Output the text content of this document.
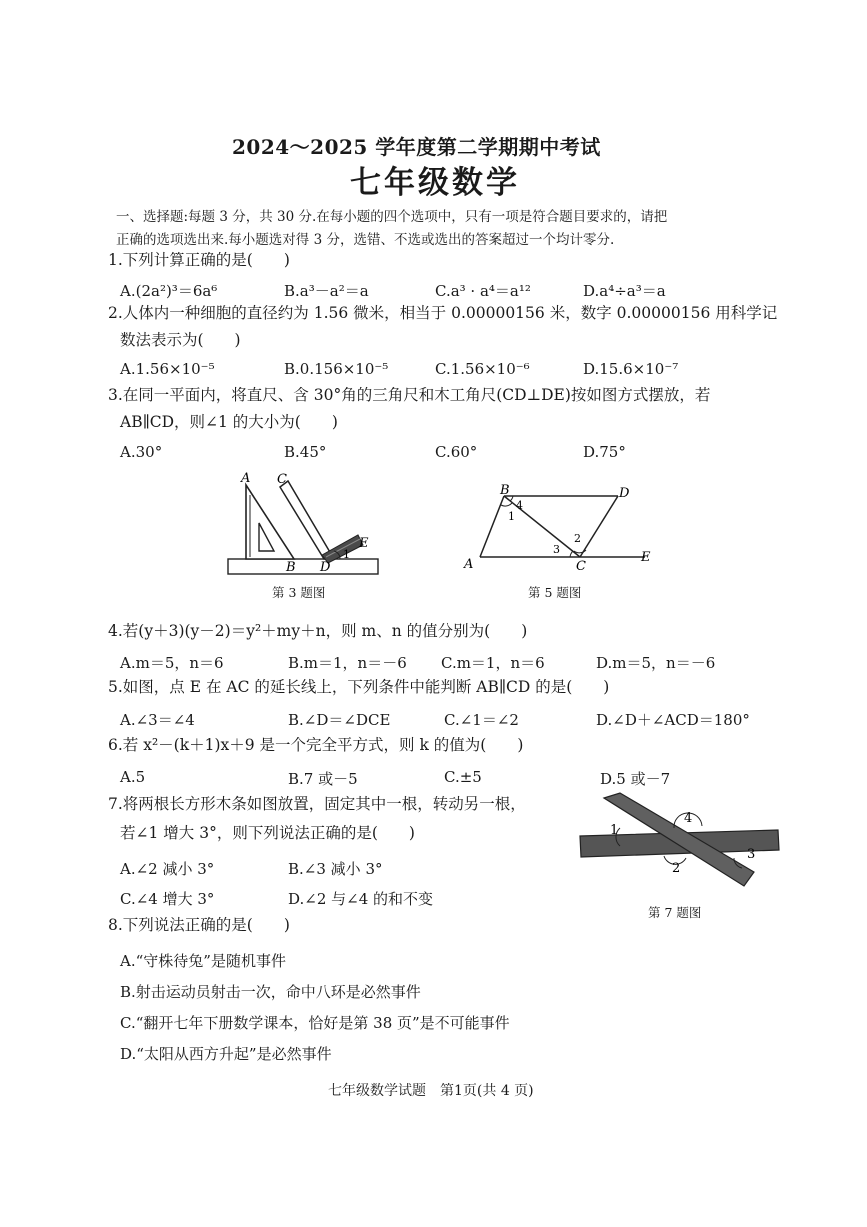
2024～2025 学年度第二学期期中考试
七年级数学
一、选择题:每题 3 分，共 30 分.在每小题的四个选项中，只有一项是符合题目要求的，请把
正确的选项选出来.每小题选对得 3 分，选错、不选或选出的答案超过一个均计零分.
1.下列计算正确的是(　　)
A.(2a²)³＝6a⁶	B.a³－a²＝a	C.a³ · a⁴＝a¹²	D.a⁴÷a³＝a
2.人体内一种细胞的直径约为 1.56 微米，相当于 0.00000156 米，数字 0.00000156 用科学记
数法表示为(　　)
A.1.56×10⁻⁵	B.0.156×10⁻⁵	C.1.56×10⁻⁶	D.15.6×10⁻⁷
3.在同一平面内，将直尺、含 30°角的三角尺和木工角尺(CD⊥DE)按如图方式摆放，若
AB∥CD，则∠1 的大小为(　　)
A.30°	B.45°	C.60°	D.75°
A C
E
B D
1
第 3 题图
B	D
A	C
E
1
4
2
3
第 5 题图
4.若(y＋3)(y－2)＝y²＋my＋n，则 m、n 的值分别为(　　)
A.m＝5，n＝6	B.m＝1，n＝－6 C.m＝1，n＝6	D.m＝5，n＝－6
5.如图，点 E 在 AC 的延长线上，下列条件中能判断 AB∥CD 的是(　　)
A.∠3＝∠4	B.∠D＝∠DCE	C.∠1＝∠2	D.∠D＋∠ACD＝180°
6.若 x²－(k＋1)x＋9 是一个完全平方式，则 k 的值为(　　)
A.5	B.7 或－5	C.±5	D.5 或－7
7.将两根长方形木条如图放置，固定其中一根，转动另一根，
若∠1 增大 3°，则下列说法正确的是(　　)
A.∠2 减小 3°	B.∠3 减小 3°
C.∠4 增大 3°	D.∠2 与∠4 的和不变
1
4
2
3
第 7 题图
8.下列说法正确的是(　　)
A.“守株待兔”是随机事件
B.射击运动员射击一次，命中八环是必然事件
C.“翻开七年下册数学课本，恰好是第 38 页”是不可能事件
D.“太阳从西方升起”是必然事件
七年级数学试题　第1页(共 4 页)
